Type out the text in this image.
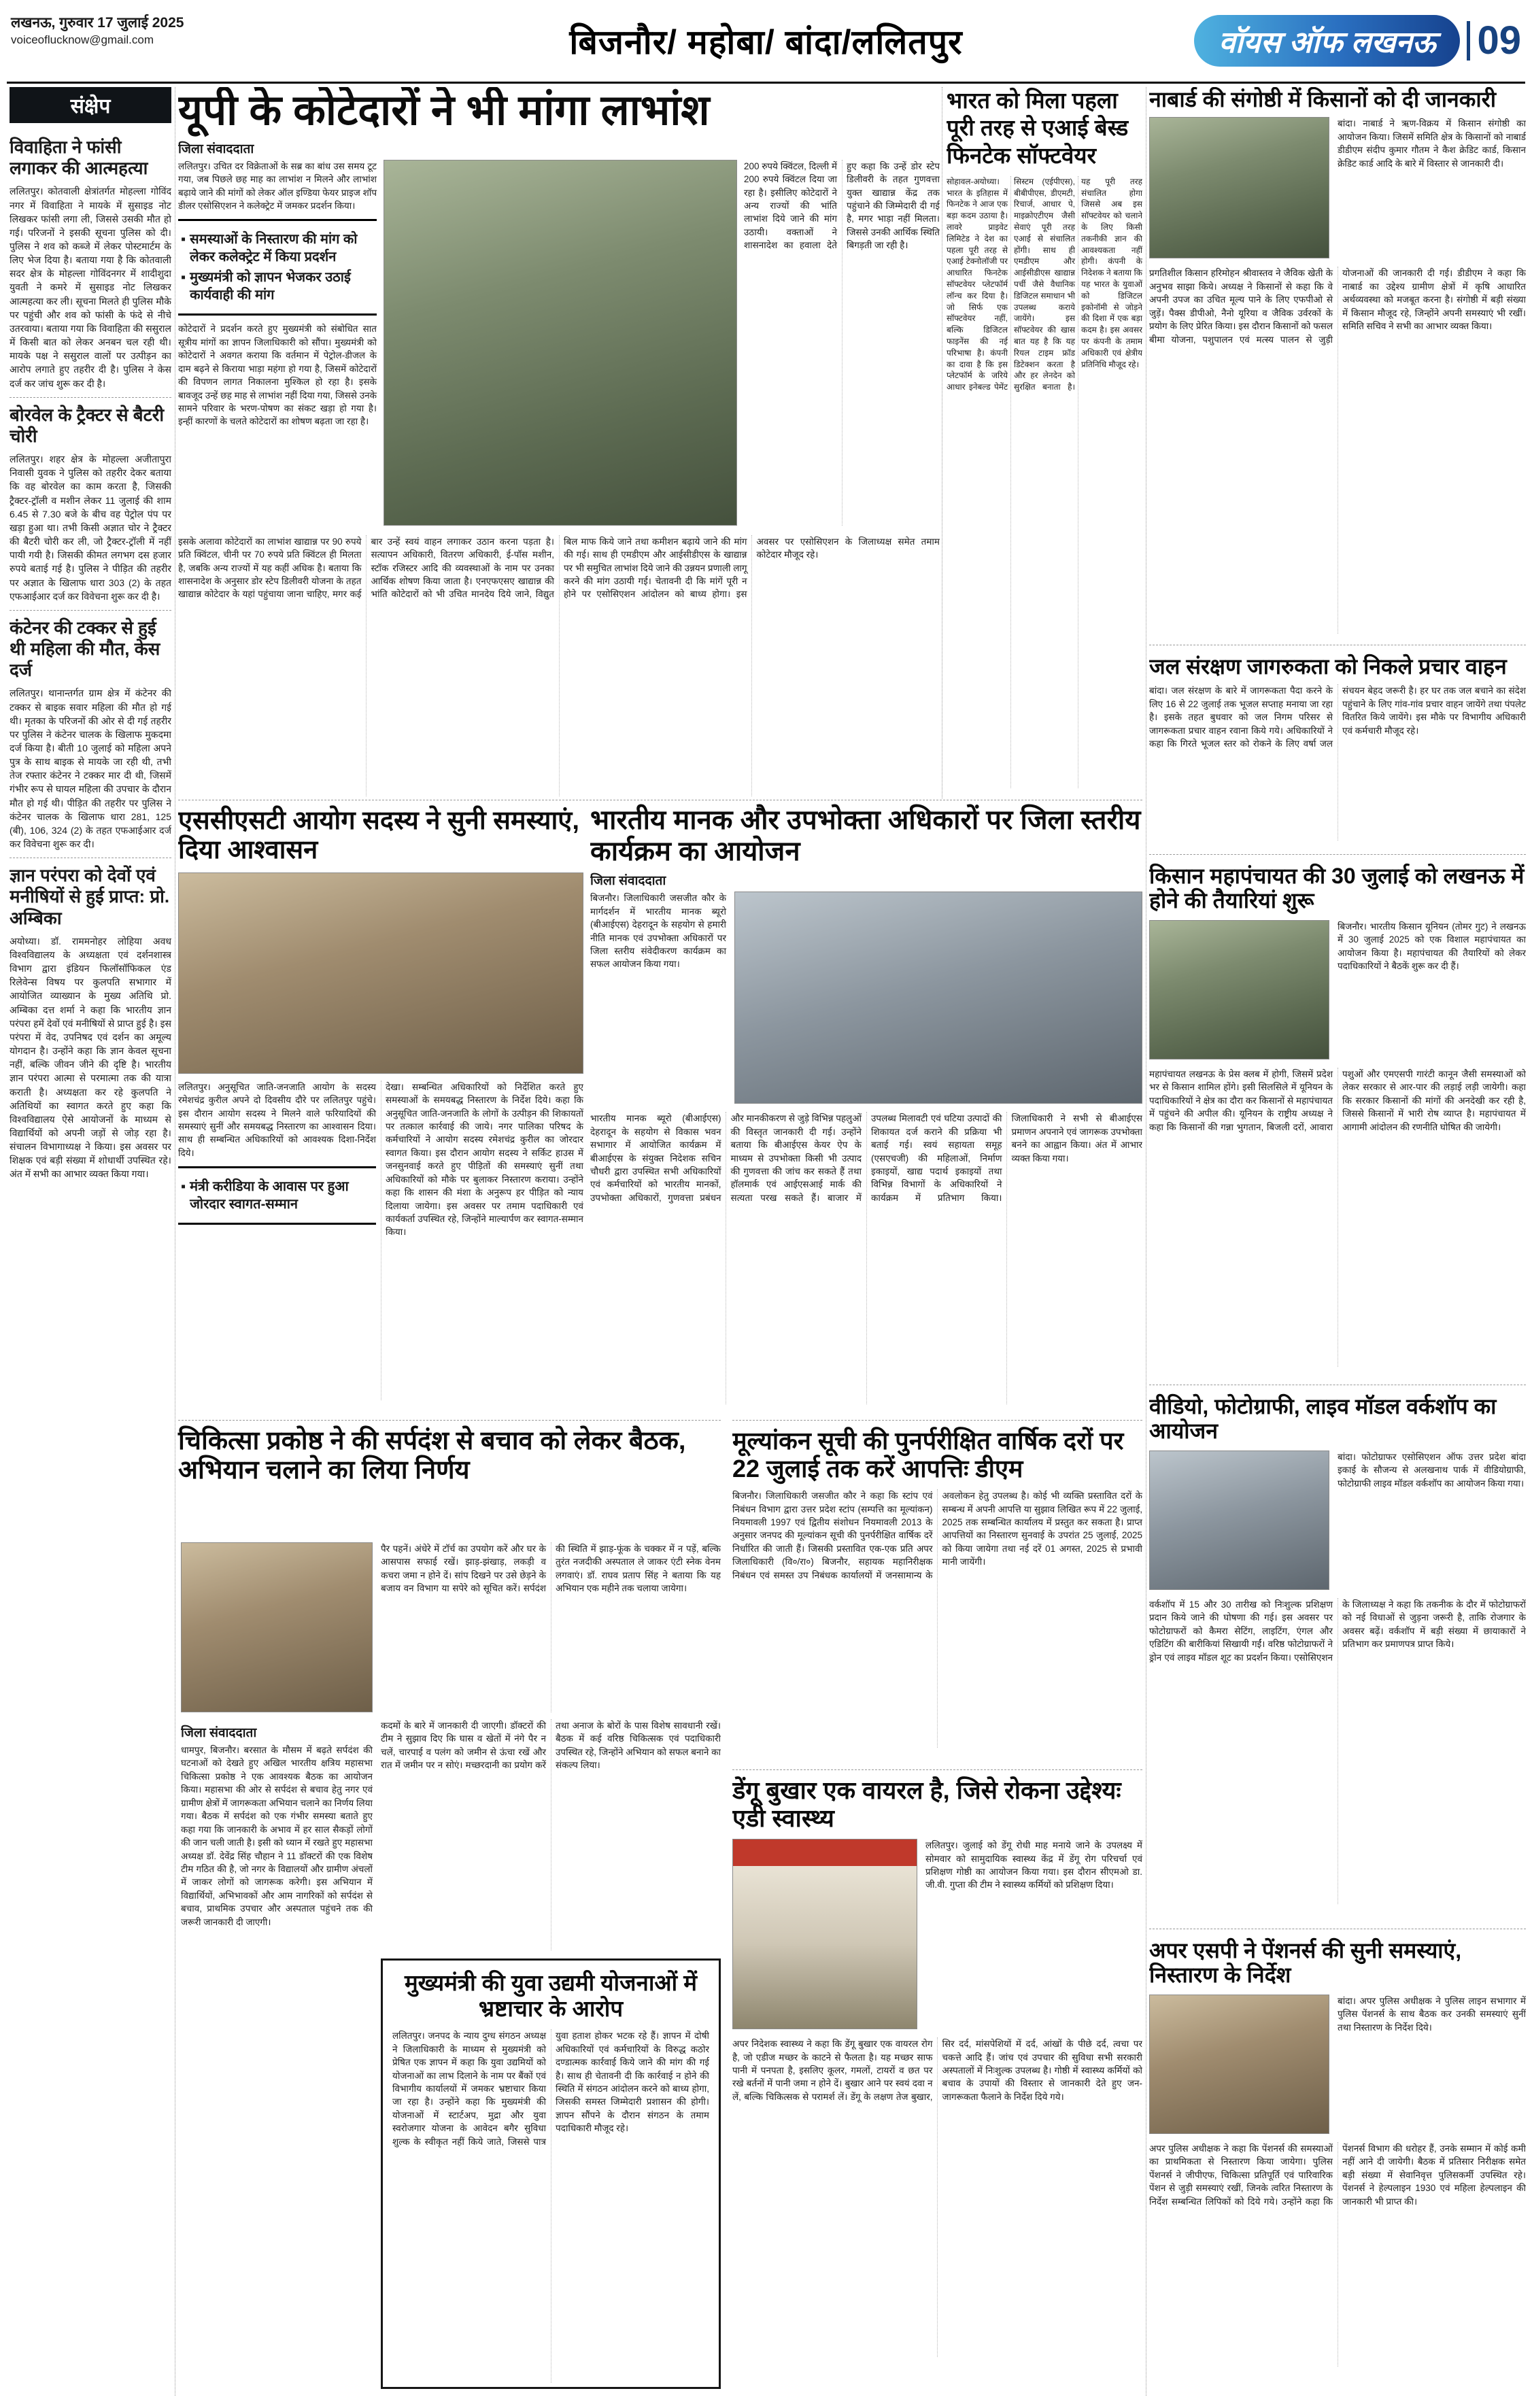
लखनऊ, गुरुवार 17 जुलाई 2025
voiceoflucknow@gmail.com	बिजनौर/ महोबा/ बांदा/ललितपुर	वॉयस ऑफ लखनऊ	09
संक्षेप
विवाहिता ने फांसी लगाकर की आत्महत्या

ललितपुर। कोतवाली क्षेत्रांतर्गत मोहल्ला गोविंद नगर में विवाहिता ने मायके में सुसाइड नोट लिखकर फांसी लगा ली, जिससे उसकी मौत हो गई। परिजनों ने इसकी सूचना पुलिस को दी। पुलिस ने शव को कब्जे में लेकर पोस्टमार्टम के लिए भेज दिया है। बताया गया है कि कोतवाली सदर क्षेत्र के मोहल्ला गोविंदनगर में शादीशुदा युवती ने कमरे में सुसाइड नोट लिखकर आत्महत्या कर ली। सूचना मिलते ही पुलिस मौके पर पहुंची और शव को फांसी के फंदे से नीचे उतरवाया। बताया गया कि विवाहिता की ससुराल में किसी बात को लेकर अनबन चल रही थी। मायके पक्ष ने ससुराल वालों पर उत्पीड़न का आरोप लगाते हुए तहरीर दी है। पुलिस ने केस दर्ज कर जांच शुरू कर दी है।

बोरवेल के ट्रैक्टर से बैटरी चोरी

ललितपुर। शहर क्षेत्र के मोहल्ला अजीतापुरा निवासी युवक ने पुलिस को तहरीर देकर बताया कि वह बोरवेल का काम करता है, जिसकी ट्रैक्टर-ट्रॉली व मशीन लेकर 11 जुलाई की शाम 6.45 से 7.30 बजे के बीच वह पेट्रोल पंप पर खड़ा हुआ था। तभी किसी अज्ञात चोर ने ट्रैक्टर की बैटरी चोरी कर ली, जो ट्रैक्टर-ट्रॉली में नहीं पायी गयी है। जिसकी कीमत लगभग दस हजार रुपये बताई गई है। पुलिस ने पीड़ित की तहरीर पर अज्ञात के खिलाफ धारा 303 (2) के तहत एफआईआर दर्ज कर विवेचना शुरू कर दी है।

कंटेनर की टक्कर से हुई थी महिला की मौत, केस दर्ज

ललितपुर। थानान्तर्गत ग्राम क्षेत्र में कंटेनर की टक्कर से बाइक सवार महिला की मौत हो गई थी। मृतका के परिजनों की ओर से दी गई तहरीर पर पुलिस ने कंटेनर चालक के खिलाफ मुकदमा दर्ज किया है। बीती 10 जुलाई को महिला अपने पुत्र के साथ बाइक से मायके जा रही थी, तभी तेज रफ्तार कंटेनर ने टक्कर मार दी थी, जिसमें गंभीर रूप से घायल महिला की उपचार के दौरान मौत हो गई थी। पीड़ित की तहरीर पर पुलिस ने कंटेनर चालक के खिलाफ धारा 281, 125 (बी), 106, 324 (2) के तहत एफआईआर दर्ज कर विवेचना शुरू कर दी।

ज्ञान परंपरा को देवों एवं मनीषियों से हुई प्राप्त: प्रो. अम्बिका

अयोध्या। डॉ. राममनोहर लोहिया अवध विश्वविद्यालय के अध्यक्षता एवं दर्शनशास्त्र विभाग द्वारा इंडियन फिलॉसॉफिकल एंड रिलेवेन्स विषय पर कुलपति सभागार में आयोजित व्याख्यान के मुख्य अतिथि प्रो. अम्बिका दत्त शर्मा ने कहा कि भारतीय ज्ञान परंपरा हमें देवों एवं मनीषियों से प्राप्त हुई है। इस परंपरा में वेद, उपनिषद एवं दर्शन का अमूल्य योगदान है। उन्होंने कहा कि ज्ञान केवल सूचना नहीं, बल्कि जीवन जीने की दृष्टि है। भारतीय ज्ञान परंपरा आत्मा से परमात्मा तक की यात्रा कराती है। अध्यक्षता कर रहे कुलपति ने अतिथियों का स्वागत करते हुए कहा कि विश्वविद्यालय ऐसे आयोजनों के माध्यम से विद्यार्थियों को अपनी जड़ों से जोड़ रहा है। संचालन विभागाध्यक्ष ने किया। इस अवसर पर शिक्षक एवं बड़ी संख्या में शोधार्थी उपस्थित रहे। अंत में सभी का आभार व्यक्त किया गया।

यूपी के कोटेदारों ने भी मांगा लाभांश
जिला संवाददाता

ललितपुर। उचित दर विक्रेताओं के सब्र का बांध उस समय टूट गया, जब पिछले छह माह का लाभांश न मिलने और लाभांश बढ़ाये जाने की मांगों को लेकर ऑल इण्डिया फेयर प्राइज शॉप डीलर एसोसिएशन ने कलेक्ट्रेट में जमकर प्रदर्शन किया।

▪ समस्याओं के निस्तारण की मांग को लेकर कलेक्ट्रेट में किया प्रदर्शन
▪ मुख्यमंत्री को ज्ञापन भेजकर उठाई कार्यवाही की मांग

कोटेदारों ने प्रदर्शन करते हुए मुख्यमंत्री को संबोधित सात सूत्रीय मांगों का ज्ञापन जिलाधिकारी को सौंपा। मुख्यमंत्री को कोटेदारों ने अवगत कराया कि वर्तमान में पेट्रोल-डीजल के दाम बढ़ने से किराया भाड़ा महंगा हो गया है, जिसमें कोटेदारों की विपणन लागत निकालना मुश्किल हो रहा है। इसके बावजूद उन्हें छह माह से लाभांश नहीं दिया गया, जिससे उनके सामने परिवार के भरण-पोषण का संकट खड़ा हो गया है। इन्हीं कारणों के चलते कोटेदारों का शोषण बढ़ता जा रहा है।

200 रुपये क्विंटल, दिल्ली में 200 रुपये क्विंटल दिया जा रहा है। इसीलिए कोटेदारों ने अन्य राज्यों की भांति लाभांश दिये जाने की मांग उठायी। वक्ताओं ने शासनादेश का हवाला देते हुए कहा कि उन्हें डोर स्टेप डिलीवरी के तहत गुणवत्ता युक्त खाद्यान्न केंद्र तक पहुंचाने की जिम्मेदारी दी गई है, मगर भाड़ा नहीं मिलता। जिससे उनकी आर्थिक स्थिति बिगड़ती जा रही है।

इसके अलावा कोटेदारों का लाभांश खाद्यान्न पर 90 रुपये प्रति क्विंटल, चीनी पर 70 रुपये प्रति क्विंटल ही मिलता है, जबकि अन्य राज्यों में यह कहीं अधिक है। बताया कि शासनादेश के अनुसार डोर स्टेप डिलीवरी योजना के तहत खाद्यान्न कोटेदार के यहां पहुंचाया जाना चाहिए, मगर कई बार उन्हें स्वयं वाहन लगाकर उठान करना पड़ता है। सत्यापन अधिकारी, वितरण अधिकारी, ई-पॉस मशीन, स्टॉक रजिस्टर आदि की व्यवस्थाओं के नाम पर उनका आर्थिक शोषण किया जाता है। एनएफएसए खाद्यान्न की भांति कोटेदारों को भी उचित मानदेय दिये जाने, विद्युत बिल माफ किये जाने तथा कमीशन बढ़ाये जाने की मांग की गई। साथ ही एमडीएम और आईसीडीएस के खाद्यान्न पर भी समुचित लाभांश दिये जाने की उन्नयन प्रणाली लागू करने की मांग उठायी गई। चेतावनी दी कि मांगें पूरी न होने पर एसोसिएशन आंदोलन को बाध्य होगा। इस अवसर पर एसोसिएशन के जिलाध्यक्ष समेत तमाम कोटेदार मौजूद रहे।
भारत को मिला पहला पूरी तरह से एआई बेस्ड फिनटेक सॉफ्टवेयर
सोहावल-अयोध्या। भारत के इतिहास में फिनटेक ने आज एक बड़ा कदम उठाया है। लावरे प्राइवेट लिमिटेड ने देश का पहला पूरी तरह से एआई टेक्नोलॉजी पर आधारित फिनटेक सॉफ्टवेयर प्लेटफॉर्म लॉन्च कर दिया है। जो सिर्फ एक सॉफ्टवेयर नहीं, बल्कि डिजिटल फाइनेंस की नई परिभाषा है। कंपनी का दावा है कि इस प्लेटफॉर्म के जरिये आधार इनेबल्ड पेमेंट सिस्टम (एईपीएस), बीबीपीएस, डीएमटी, रिचार्ज, आधार पे, माइक्रोएटीएम जैसी सेवाएं पूरी तरह एआई से संचालित होंगी। साथ ही एमडीएम और आईसीडीएस खाद्यान्न पर्ची जैसे वैधानिक डिजिटल समाधान भी उपलब्ध कराये जायेंगे। इस सॉफ्टवेयर की खास बात यह है कि यह रियल टाइम फ्रॉड डिटेक्शन करता है और हर लेनदेन को सुरक्षित बनाता है। यह पूरी तरह संचालित होगा जिससे अब इस सॉफ्टवेयर को चलाने के लिए किसी तकनीकी ज्ञान की आवश्यकता नहीं होगी। कंपनी के निदेशक ने बताया कि यह भारत के युवाओं को डिजिटल इकोनॉमी से जोड़ने की दिशा में एक बड़ा कदम है। इस अवसर पर कंपनी के तमाम अधिकारी एवं क्षेत्रीय प्रतिनिधि मौजूद रहे।
एससीएसटी आयोग सदस्य ने सुनी समस्याएं, दिया आश्वासन

ललितपुर। अनुसूचित जाति-जनजाति आयोग के सदस्य रमेशचंद्र कुरील अपने दो दिवसीय दौरे पर ललितपुर पहुंचे। इस दौरान आयोग सदस्य ने मिलने वाले फरियादियों की समस्याएं सुनीं और समयबद्ध निस्तारण का आश्वासन दिया। साथ ही सम्बन्धित अधिकारियों को आवश्यक दिशा-निर्देश दिये।

▪ मंत्री करीडिया के आवास पर हुआ जोरदार स्वागत-सम्मान

देखा। सम्बन्धित अधिकारियों को निर्देशित करते हुए समस्याओं के समयबद्ध निस्तारण के निर्देश दिये। कहा कि अनुसूचित जाति-जनजाति के लोगों के उत्पीड़न की शिकायतों पर तत्काल कार्रवाई की जाये। नगर पालिका परिषद के कर्मचारियों ने आयोग सदस्य रमेशचंद्र कुरील का जोरदार स्वागत किया। इस दौरान आयोग सदस्य ने सर्किट हाउस में जनसुनवाई करते हुए पीड़ितों की समस्याएं सुनीं तथा अधिकारियों को मौके पर बुलाकर निस्तारण कराया। उन्होंने कहा कि शासन की मंशा के अनुरूप हर पीड़ित को न्याय दिलाया जायेगा। इस अवसर पर तमाम पदाधिकारी एवं कार्यकर्ता उपस्थित रहे, जिन्होंने माल्यार्पण कर स्वागत-सम्मान किया।

भारतीय मानक और उपभोक्ता अधिकारों पर जिला स्तरीय कार्यक्रम का आयोजन
जिला संवाददाता

बिजनौर। जिलाधिकारी जसजीत कौर के मार्गदर्शन में भारतीय मानक ब्यूरो (बीआईएस) देहरादून के सहयोग से हमारी नीति मानक एवं उपभोक्ता अधिकारों पर जिला स्तरीय संवेदीकरण कार्यक्रम का सफल आयोजन किया गया।

भारतीय मानक ब्यूरो (बीआईएस) देहरादून के सहयोग से विकास भवन सभागार में आयोजित कार्यक्रम में बीआईएस के संयुक्त निदेशक सचिन चौधरी द्वारा उपस्थित सभी अधिकारियों एवं कर्मचारियों को भारतीय मानकों, उपभोक्ता अधिकारों, गुणवत्ता प्रबंधन और मानकीकरण से जुड़े विभिन्न पहलुओं की विस्तृत जानकारी दी गई। उन्होंने बताया कि बीआईएस केयर ऐप के माध्यम से उपभोक्ता किसी भी उत्पाद की गुणवत्ता की जांच कर सकते हैं तथा हॉलमार्क एवं आईएसआई मार्क की सत्यता परख सकते हैं। बाजार में उपलब्ध मिलावटी एवं घटिया उत्पादों की शिकायत दर्ज कराने की प्रक्रिया भी बताई गई। स्वयं सहायता समूह (एसएचजी) की महिलाओं, निर्माण इकाइयों, खाद्य पदार्थ इकाइयों तथा विभिन्न विभागों के अधिकारियों ने कार्यक्रम में प्रतिभाग किया। जिलाधिकारी ने सभी से बीआईएस प्रमाणन अपनाने एवं जागरूक उपभोक्ता बनने का आह्वान किया। अंत में आभार व्यक्त किया गया।
चिकित्सा प्रकोष्ठ ने की सर्पदंश से बचाव को लेकर बैठक, अभियान चलाने का लिया निर्णय

पैर पहनें। अंधेरे में टॉर्च का उपयोग करें और घर के आसपास सफाई रखें। झाड़-झंखाड़, लकड़ी व कचरा जमा न होने दें। सांप दिखने पर उसे छेड़ने के बजाय वन विभाग या सपेरे को सूचित करें। सर्पदंश की स्थिति में झाड़-फूंक के चक्कर में न पड़ें, बल्कि तुरंत नजदीकी अस्पताल ले जाकर एंटी स्नेक वेनम लगवाएं। डॉ. राघव प्रताप सिंह ने बताया कि यह अभियान एक महीने तक चलाया जायेगा।

जिला संवाददाता

धामपुर, बिजनौर। बरसात के मौसम में बढ़ते सर्पदंश की घटनाओं को देखते हुए अखिल भारतीय क्षत्रिय महासभा चिकित्सा प्रकोष्ठ ने एक आवश्यक बैठक का आयोजन किया। महासभा की ओर से सर्पदंश से बचाव हेतु नगर एवं ग्रामीण क्षेत्रों में जागरूकता अभियान चलाने का निर्णय लिया गया। बैठक में सर्पदंश को एक गंभीर समस्या बताते हुए कहा गया कि जानकारी के अभाव में हर साल सैकड़ों लोगों की जान चली जाती है। इसी को ध्यान में रखते हुए महासभा अध्यक्ष डॉ. देवेंद्र सिंह चौहान ने 11 डॉक्टरों की एक विशेष टीम गठित की है, जो नगर के विद्यालयों और ग्रामीण अंचलों में जाकर लोगों को जागरूक करेगी। इस अभियान में विद्यार्थियों, अभिभावकों और आम नागरिकों को सर्पदंश से बचाव, प्राथमिक उपचार और अस्पताल पहुंचने तक की जरूरी जानकारी दी जाएगी।

कदमों के बारे में जानकारी दी जाएगी। डॉक्टरों की टीम ने सुझाव दिए कि घास व खेतों में नंगे पैर न चलें, चारपाई व पलंग को जमीन से ऊंचा रखें और रात में जमीन पर न सोएं। मच्छरदानी का प्रयोग करें तथा अनाज के बोरों के पास विशेष सावधानी रखें। बैठक में कई वरिष्ठ चिकित्सक एवं पदाधिकारी उपस्थित रहे, जिन्होंने अभियान को सफल बनाने का संकल्प लिया।

मुख्यमंत्री की युवा उद्यमी योजनाओं में भ्रष्टाचार के आरोप
ललितपुर। जनपद के न्याय दुग्ध संगठन अध्यक्ष ने जिलाधिकारी के माध्यम से मुख्यमंत्री को प्रेषित एक ज्ञापन में कहा कि युवा उद्यमियों को योजनाओं का लाभ दिलाने के नाम पर बैंकों एवं विभागीय कार्यालयों में जमकर भ्रष्टाचार किया जा रहा है। उन्होंने कहा कि मुख्यमंत्री की योजनाओं में स्टार्टअप, मुद्रा और युवा स्वरोजगार योजना के आवेदन बगैर सुविधा शुल्क के स्वीकृत नहीं किये जाते, जिससे पात्र युवा हताश होकर भटक रहे हैं। ज्ञापन में दोषी अधिकारियों एवं कर्मचारियों के विरुद्ध कठोर दण्डात्मक कार्रवाई किये जाने की मांग की गई है। साथ ही चेतावनी दी कि कार्रवाई न होने की स्थिति में संगठन आंदोलन करने को बाध्य होगा, जिसकी समस्त जिम्मेदारी प्रशासन की होगी। ज्ञापन सौंपने के दौरान संगठन के तमाम पदाधिकारी मौजूद रहे।
मूल्यांकन सूची की पुनर्परीक्षित वार्षिक दरों पर 22 जुलाई तक करें आपत्तिः डीएम
बिजनौर। जिलाधिकारी जसजीत कौर ने कहा कि स्टांप एवं निबंधन विभाग द्वारा उत्तर प्रदेश स्टांप (सम्पत्ति का मूल्यांकन) नियमावली 1997 एवं द्वितीय संशोधन नियमावली 2013 के अनुसार जनपद की मूल्यांकन सूची की पुनर्परीक्षित वार्षिक दरें निर्धारित की जाती हैं। जिसकी प्रस्तावित एक-एक प्रति अपर जिलाधिकारी (वि०/रा०) बिजनौर, सहायक महानिरीक्षक निबंधन एवं समस्त उप निबंधक कार्यालयों में जनसामान्य के अवलोकन हेतु उपलब्ध है। कोई भी व्यक्ति प्रस्तावित दरों के सम्बन्ध में अपनी आपत्ति या सुझाव लिखित रूप में 22 जुलाई, 2025 तक सम्बन्धित कार्यालय में प्रस्तुत कर सकता है। प्राप्त आपत्तियों का निस्तारण सुनवाई के उपरांत 25 जुलाई, 2025 को किया जायेगा तथा नई दरें 01 अगस्त, 2025 से प्रभावी मानी जायेंगी।
डेंगू बुखार एक वायरल है, जिसे रोकना उद्देश्यः एडी स्वास्थ्य

ललितपुर। जुलाई को डेंगू रोधी माह मनाये जाने के उपलक्ष्य में सोमवार को सामुदायिक स्वास्थ्य केंद्र में डेंगू रोग परिचर्चा एवं प्रशिक्षण गोष्ठी का आयोजन किया गया। इस दौरान सीएमओ डा. जी.वी. गुप्ता की टीम ने स्वास्थ्य कर्मियों को प्रशिक्षण दिया।

अपर निदेशक स्वास्थ्य ने कहा कि डेंगू बुखार एक वायरल रोग है, जो एडीज मच्छर के काटने से फैलता है। यह मच्छर साफ पानी में पनपता है, इसलिए कूलर, गमलों, टायरों व छत पर रखे बर्तनों में पानी जमा न होने दें। बुखार आने पर स्वयं दवा न लें, बल्कि चिकित्सक से परामर्श लें। डेंगू के लक्षण तेज बुखार, सिर दर्द, मांसपेशियों में दर्द, आंखों के पीछे दर्द, त्वचा पर चकत्ते आदि हैं। जांच एवं उपचार की सुविधा सभी सरकारी अस्पतालों में निःशुल्क उपलब्ध है। गोष्ठी में स्वास्थ्य कर्मियों को बचाव के उपायों की विस्तार से जानकारी देते हुए जन-जागरूकता फैलाने के निर्देश दिये गये।
नाबार्ड की संगोष्ठी में किसानों को दी जानकारी

बांदा। नाबार्ड ने ऋण-विक्रय में किसान संगोष्ठी का आयोजन किया। जिसमें समिति क्षेत्र के किसानों को नाबार्ड डीडीएम संदीप कुमार गौतम ने कैश क्रेडिट कार्ड, किसान क्रेडिट कार्ड आदि के बारे में विस्तार से जानकारी दी।

प्रगतिशील किसान हरिमोहन श्रीवास्तव ने जैविक खेती के अनुभव साझा किये। अध्यक्ष ने किसानों से कहा कि वे अपनी उपज का उचित मूल्य पाने के लिए एफपीओ से जुड़ें। पैक्स डीपीओ, नैनो यूरिया व जैविक उर्वरकों के प्रयोग के लिए प्रेरित किया। इस दौरान किसानों को फसल बीमा योजना, पशुपालन एवं मत्स्य पालन से जुड़ी योजनाओं की जानकारी दी गई। डीडीएम ने कहा कि नाबार्ड का उद्देश्य ग्रामीण क्षेत्रों में कृषि आधारित अर्थव्यवस्था को मजबूत करना है। संगोष्ठी में बड़ी संख्या में किसान मौजूद रहे, जिन्होंने अपनी समस्याएं भी रखीं। समिति सचिव ने सभी का आभार व्यक्त किया।
जल संरक्षण जागरुकता को निकले प्रचार वाहन
बांदा। जल संरक्षण के बारे में जागरूकता पैदा करने के लिए 16 से 22 जुलाई तक भूजल सप्ताह मनाया जा रहा है। इसके तहत बुधवार को जल निगम परिसर से जागरूकता प्रचार वाहन रवाना किये गये। अधिकारियों ने कहा कि गिरते भूजल स्तर को रोकने के लिए वर्षा जल संचयन बेहद जरूरी है। हर घर तक जल बचाने का संदेश पहुंचाने के लिए गांव-गांव प्रचार वाहन जायेंगे तथा पंपलेट वितरित किये जायेंगे। इस मौके पर विभागीय अधिकारी एवं कर्मचारी मौजूद रहे।
किसान महापंचायत की 30 जुलाई को लखनऊ में होने की तैयारियां शुरू

बिजनौर। भारतीय किसान यूनियन (तोमर गुट) ने लखनऊ में 30 जुलाई 2025 को एक विशाल महापंचायत का आयोजन किया है। महापंचायत की तैयारियों को लेकर पदाधिकारियों ने बैठकें शुरू कर दी हैं।

महापंचायत लखनऊ के प्रेस क्लब में होगी, जिसमें प्रदेश भर से किसान शामिल होंगे। इसी सिलसिले में यूनियन के पदाधिकारियों ने क्षेत्र का दौरा कर किसानों से महापंचायत में पहुंचने की अपील की। यूनियन के राष्ट्रीय अध्यक्ष ने कहा कि किसानों की गन्ना भुगतान, बिजली दरों, आवारा पशुओं और एमएसपी गारंटी कानून जैसी समस्याओं को लेकर सरकार से आर-पार की लड़ाई लड़ी जायेगी। कहा कि सरकार किसानों की मांगों की अनदेखी कर रही है, जिससे किसानों में भारी रोष व्याप्त है। महापंचायत में आगामी आंदोलन की रणनीति घोषित की जायेगी।
वीडियो, फोटोग्राफी, लाइव मॉडल वर्कशॉप का आयोजन

बांदा। फोटोग्राफर एसोसिएशन ऑफ उत्तर प्रदेश बांदा इकाई के सौजन्य से अलखनाथ पार्क में वीडियोग्राफी, फोटोग्राफी लाइव मॉडल वर्कशॉप का आयोजन किया गया।

वर्कशॉप में 15 और 30 तारीख को निःशुल्क प्रशिक्षण प्रदान किये जाने की घोषणा की गई। इस अवसर पर फोटोग्राफरों को कैमरा सेटिंग, लाइटिंग, एंगल और एडिटिंग की बारीकियां सिखायी गईं। वरिष्ठ फोटोग्राफरों ने ड्रोन एवं लाइव मॉडल शूट का प्रदर्शन किया। एसोसिएशन के जिलाध्यक्ष ने कहा कि तकनीक के दौर में फोटोग्राफरों को नई विधाओं से जुड़ना जरूरी है, ताकि रोजगार के अवसर बढ़ें। वर्कशॉप में बड़ी संख्या में छायाकारों ने प्रतिभाग कर प्रमाणपत्र प्राप्त किये।
अपर एसपी ने पेंशनर्स की सुनी समस्याएं, निस्तारण के निर्देश

बांदा। अपर पुलिस अधीक्षक ने पुलिस लाइन सभागार में पुलिस पेंशनर्स के साथ बैठक कर उनकी समस्याएं सुनीं तथा निस्तारण के निर्देश दिये।

अपर पुलिस अधीक्षक ने कहा कि पेंशनर्स की समस्याओं का प्राथमिकता से निस्तारण किया जायेगा। पुलिस पेंशनर्स ने जीपीएफ, चिकित्सा प्रतिपूर्ति एवं पारिवारिक पेंशन से जुड़ी समस्याएं रखीं, जिनके त्वरित निस्तारण के निर्देश सम्बन्धित लिपिकों को दिये गये। उन्होंने कहा कि पेंशनर्स विभाग की धरोहर हैं, उनके सम्मान में कोई कमी नहीं आने दी जायेगी। बैठक में प्रतिसार निरीक्षक समेत बड़ी संख्या में सेवानिवृत्त पुलिसकर्मी उपस्थित रहे। पेंशनर्स ने हेल्पलाइन 1930 एवं महिला हेल्पलाइन की जानकारी भी प्राप्त की।
